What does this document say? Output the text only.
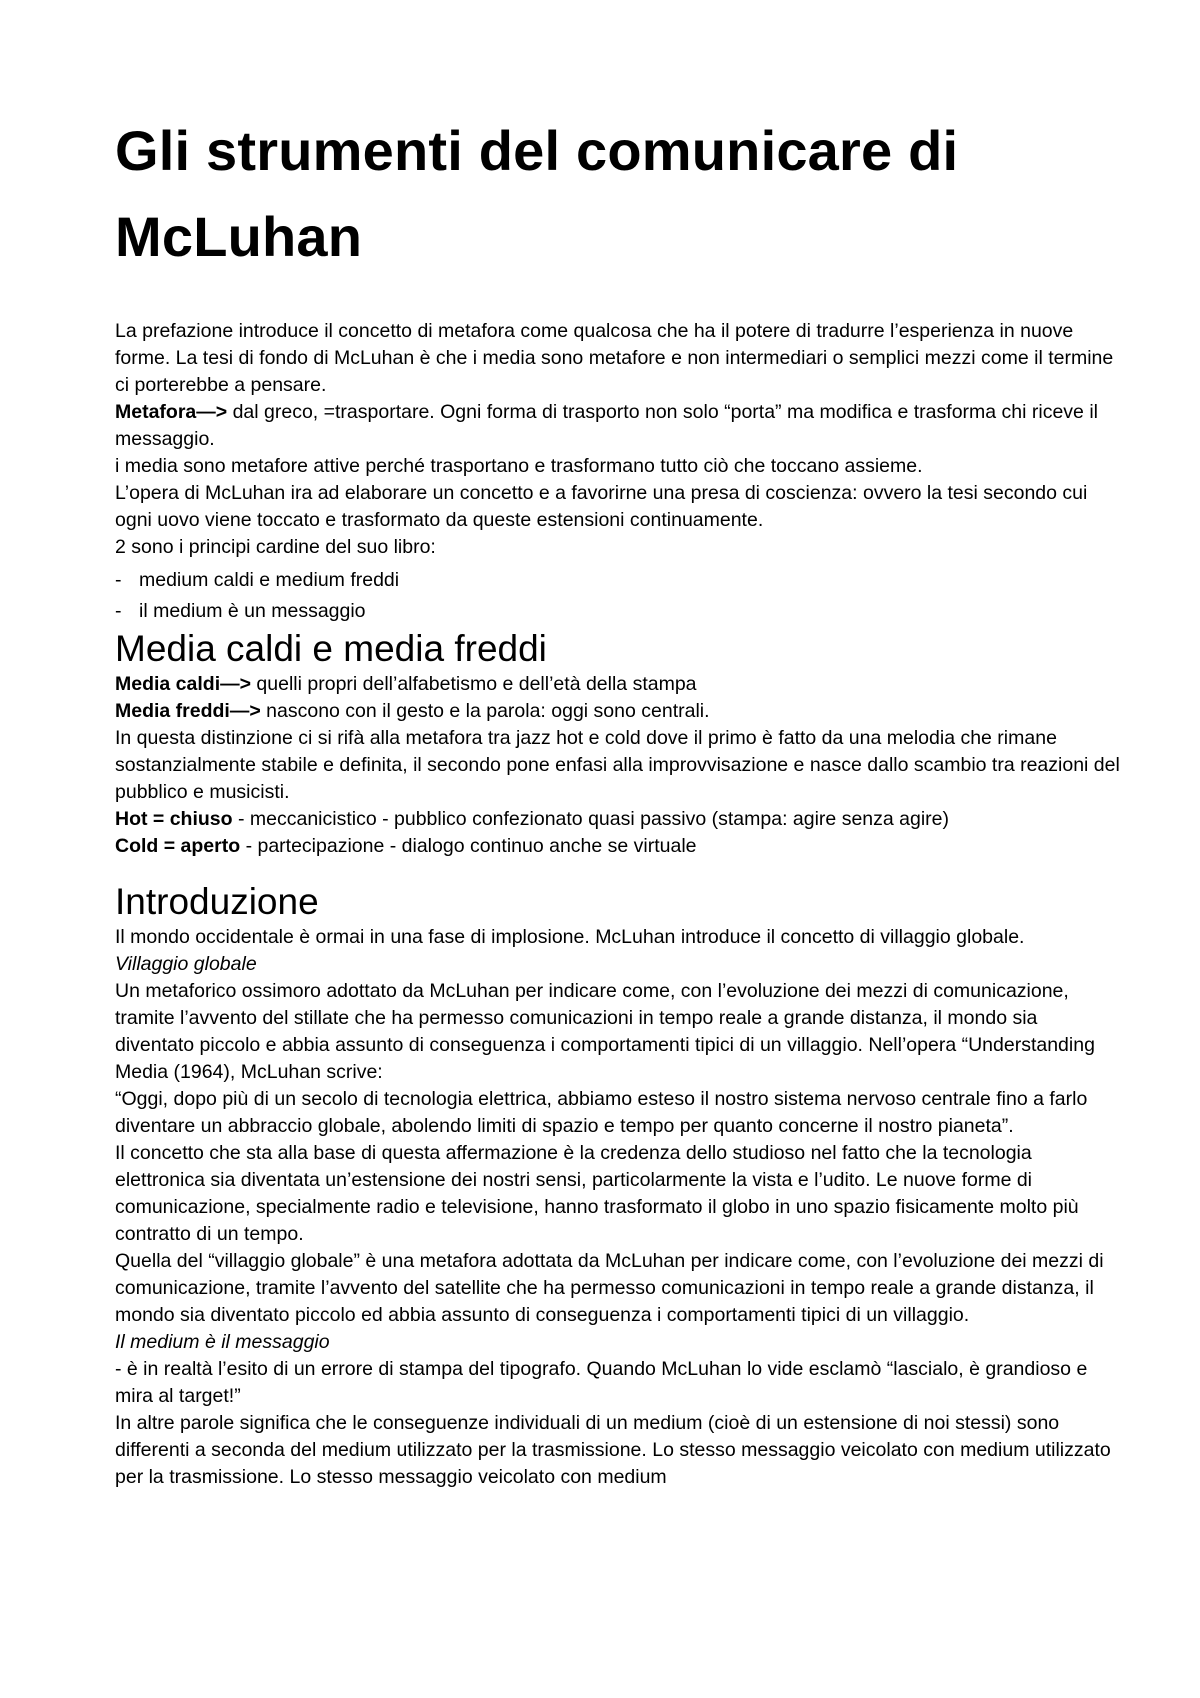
Gli strumenti del comunicare di McLuhan

La prefazione introduce il concetto di metafora come qualcosa che ha il potere di tradurre l’esperienza in nuove forme. La tesi di fondo di McLuhan è che i media sono metafore e non intermediari o semplici mezzi come il termine ci porterebbe a pensare.

Metafora—> dal greco, =trasportare. Ogni forma di trasporto non solo “porta” ma modifica e trasforma chi riceve il messaggio.

i media sono metafore attive perché trasportano e trasformano tutto ciò che toccano assieme.

L’opera di McLuhan ira ad elaborare un concetto e a favorirne una presa di coscienza: ovvero la tesi secondo cui ogni uovo viene toccato e trasformato da queste estensioni continuamente.

2 sono i principi cardine del suo libro:

- medium caldi e medium freddi
- il medium è un messaggio
Media caldi e media freddi

Media caldi—> quelli propri dell’alfabetismo e dell’età della stampa

Media freddi—> nascono con il gesto e la parola: oggi sono centrali.

In questa distinzione ci si rifà alla metafora tra jazz hot e cold dove il primo è fatto da una melodia che rimane sostanzialmente stabile e definita, il secondo pone enfasi alla improvvisazione e nasce dallo scambio tra reazioni del pubblico e musicisti.

Hot = chiuso - meccanicistico - pubblico confezionato quasi passivo (stampa: agire senza agire)

Cold = aperto - partecipazione - dialogo continuo anche se virtuale

Introduzione

Il mondo occidentale è ormai in una fase di implosione. McLuhan introduce il concetto di villaggio globale.

Villaggio globale

Un metaforico ossimoro adottato da McLuhan per indicare come, con l’evoluzione dei mezzi di comunicazione, tramite l’avvento del stillate che ha permesso comunicazioni in tempo reale a grande distanza, il mondo sia diventato piccolo e abbia assunto di conseguenza i comportamenti tipici di un villaggio. Nell’opera “Understanding Media (1964), McLuhan scrive:

“Oggi, dopo più di un secolo di tecnologia elettrica, abbiamo esteso il nostro sistema nervoso centrale fino a farlo diventare un abbraccio globale, abolendo limiti di spazio e tempo per quanto concerne il nostro pianeta”.

Il concetto che sta alla base di questa affermazione è la credenza dello studioso nel fatto che la tecnologia elettronica sia diventata un’estensione dei nostri sensi, particolarmente la vista e l’udito. Le nuove forme di comunicazione, specialmente radio e televisione, hanno trasformato il globo in uno spazio fisicamente molto più contratto di un tempo.

Quella del “villaggio globale” è una metafora adottata da McLuhan per indicare come, con l’evoluzione dei mezzi di comunicazione, tramite l’avvento del satellite che ha permesso comunicazioni in tempo reale a grande distanza, il mondo sia diventato piccolo ed abbia assunto di conseguenza i comportamenti tipici di un villaggio.

Il medium è il messaggio

- è in realtà l’esito di un errore di stampa del tipografo. Quando McLuhan lo vide esclamò “lascialo, è grandioso e mira al target!”

In altre parole significa che le conseguenze individuali di un medium (cioè di un estensione di noi stessi) sono differenti a seconda del medium utilizzato per la trasmissione. Lo stesso messaggio veicolato con medium utilizzato per la trasmissione. Lo stesso messaggio veicolato con medium
